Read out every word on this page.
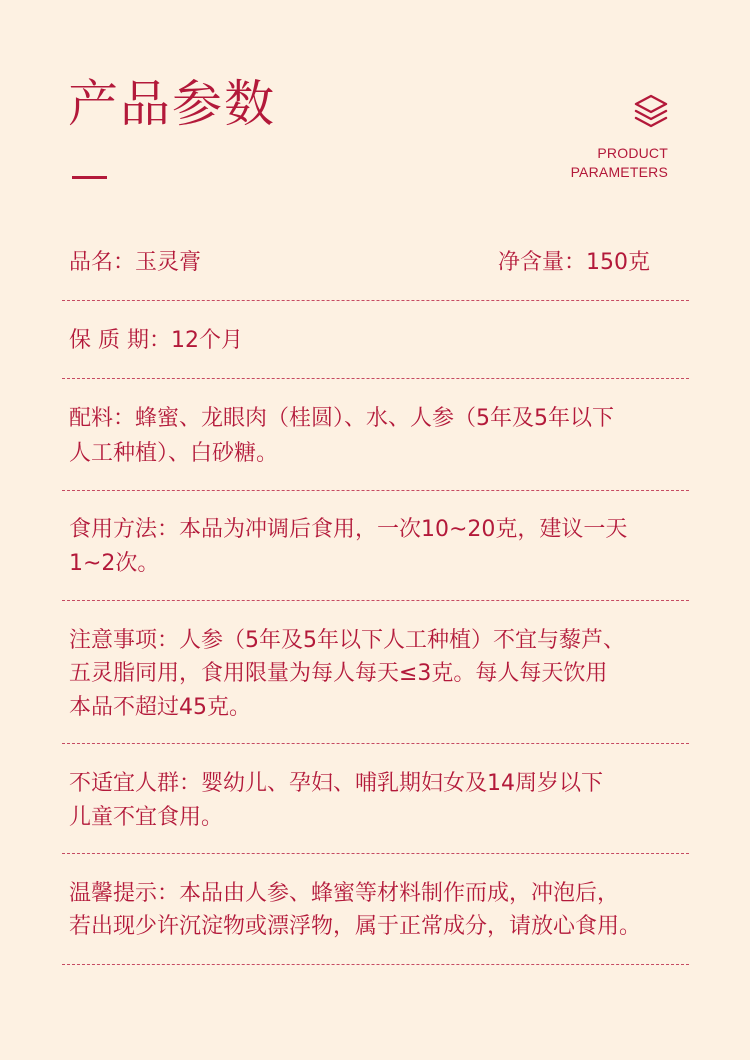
产品参数
PRODUCT
PARAMETERS
品名：玉灵膏	净含量：150克
保 质 期：12个月
配料：蜂蜜、龙眼肉（桂圆）、水、人参（5年及5年以下
人工种植）、白砂糖。
食用方法：本品为冲调后食用，一次10~20克，建议一天
1~2次。
注意事项：人参（5年及5年以下人工种植）不宜与藜芦、
五灵脂同用，食用限量为每人每天≤3克。每人每天饮用
本品不超过45克。
不适宜人群：婴幼儿、孕妇、哺乳期妇女及14周岁以下
儿童不宜食用。
温馨提示：本品由人参、蜂蜜等材料制作而成，冲泡后，
若出现少许沉淀物或漂浮物，属于正常成分，请放心食用。
